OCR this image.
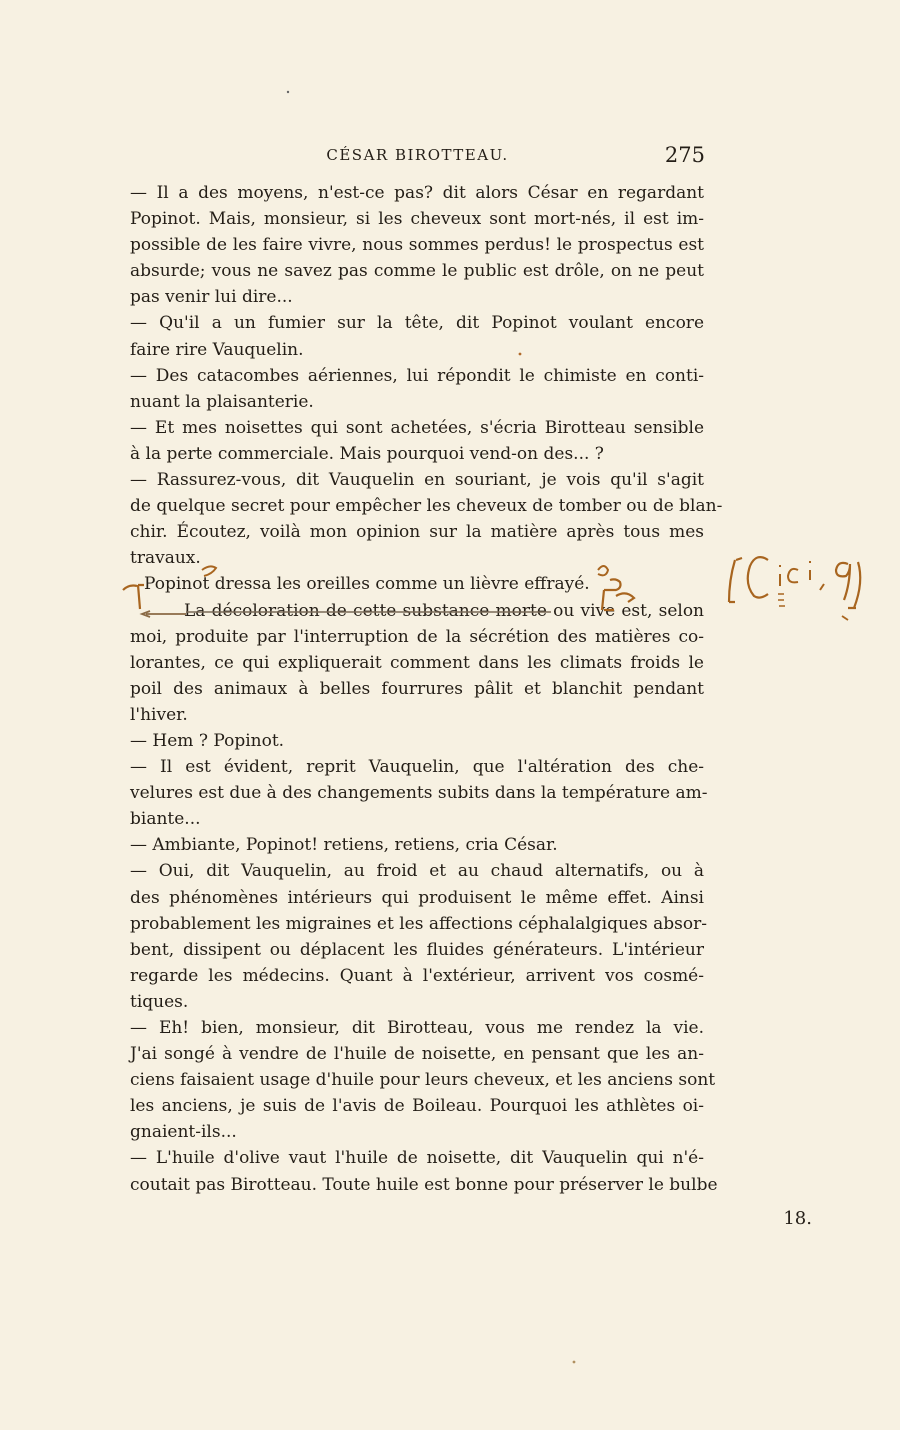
CÉSAR BIROTTEAU.	275
— Il a des moyens, n'est-ce pas? dit alors César en regardant
Popinot. Mais, monsieur, si les cheveux sont mort-nés, il est im-
possible de les faire vivre, nous sommes perdus! le prospectus est
absurde; vous ne savez pas comme le public est drôle, on ne peut
pas venir lui dire...
— Qu'il a un fumier sur la tête, dit Popinot voulant encore
faire rire Vauquelin.
— Des catacombes aériennes, lui répondit le chimiste en conti-
nuant la plaisanterie.
— Et mes noisettes qui sont achetées, s'écria Birotteau sensible
à la perte commerciale. Mais pourquoi vend-on des... ?
— Rassurez-vous, dit Vauquelin en souriant, je vois qu'il s'agit
de quelque secret pour empêcher les cheveux de tomber ou de blan-
chir. Écoutez, voilà mon opinion sur la matière après tous mes
travaux.
Popinot dressa les oreilles comme un lièvre effrayé.
La décoloration de cette substance morte ou vive est, selon
moi, produite par l'interruption de la sécrétion des matières co-
lorantes, ce qui expliquerait comment dans les climats froids le
poil des animaux à belles fourrures pâlit et blanchit pendant
l'hiver.
— Hem ? Popinot.
— Il est évident, reprit Vauquelin, que l'altération des che-
velures est due à des changements subits dans la température am-
biante...
— Ambiante, Popinot! retiens, retiens, cria César.
— Oui, dit Vauquelin, au froid et au chaud alternatifs, ou à
des phénomènes intérieurs qui produisent le même effet. Ainsi
probablement les migraines et les affections céphalalgiques absor-
bent, dissipent ou déplacent les fluides générateurs. L'intérieur
regarde les médecins. Quant à l'extérieur, arrivent vos cosmé-
tiques.
— Eh! bien, monsieur, dit Birotteau, vous me rendez la vie.
J'ai songé à vendre de l'huile de noisette, en pensant que les an-
ciens faisaient usage d'huile pour leurs cheveux, et les anciens sont
les anciens, je suis de l'avis de Boileau. Pourquoi les athlètes oi-
gnaient-ils...
— L'huile d'olive vaut l'huile de noisette, dit Vauquelin qui n'é-
coutait pas Birotteau. Toute huile est bonne pour préserver le bulbe
18.
